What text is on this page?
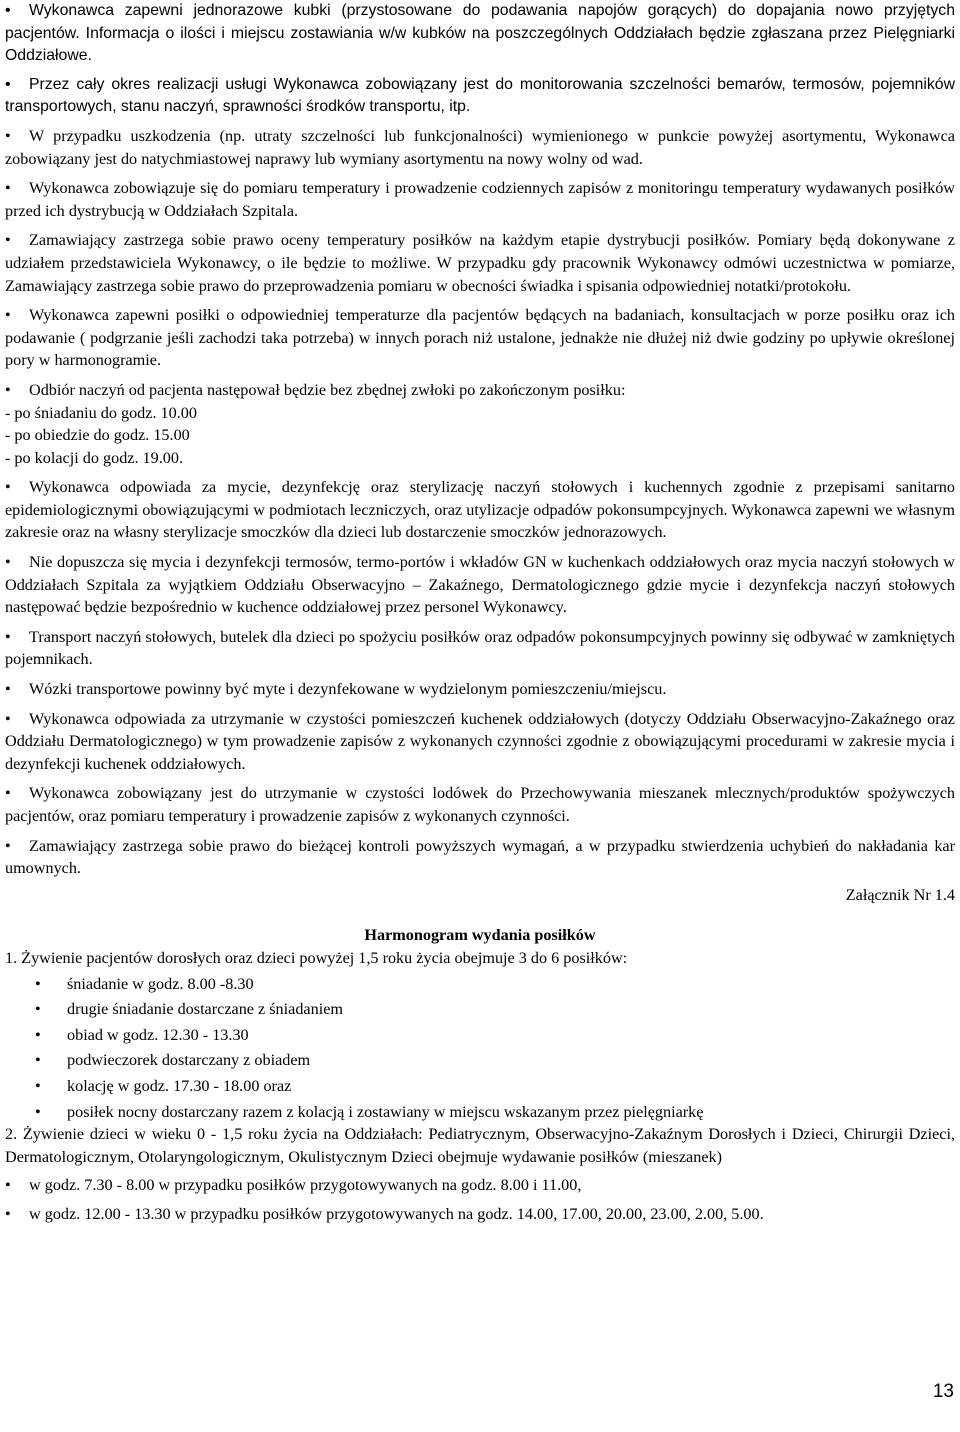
• Wykonawca zapewni jednorazowe kubki (przystosowane do podawania napojów gorących) do dopajania nowo przyjętych pacjentów. Informacja o ilości i miejscu zostawiania w/w kubków na poszczególnych Oddziałach będzie zgłaszana przez Pielęgniarki Oddziałowe.

• Przez cały okres realizacji usługi Wykonawca zobowiązany jest do monitorowania szczelności bemarów, termosów, pojemników transportowych, stanu naczyń, sprawności środków transportu, itp.

• W przypadku uszkodzenia (np. utraty szczelności lub funkcjonalności) wymienionego w punkcie powyżej asortymentu, Wykonawca zobowiązany jest do natychmiastowej naprawy lub wymiany asortymentu na nowy wolny od wad.

• Wykonawca zobowiązuje się do pomiaru temperatury i prowadzenie codziennych zapisów z monitoringu temperatury wydawanych posiłków przed ich dystrybucją w Oddziałach Szpitala.

• Zamawiający zastrzega sobie prawo oceny temperatury posiłków na każdym etapie dystrybucji posiłków. Pomiary będą dokonywane z udziałem przedstawiciela Wykonawcy, o ile będzie to możliwe. W przypadku gdy pracownik Wykonawcy odmówi uczestnictwa w pomiarze, Zamawiający zastrzega sobie prawo do przeprowadzenia pomiaru w obecności świadka i spisania odpowiedniej notatki/protokołu.

• Wykonawca zapewni posiłki o odpowiedniej temperaturze dla pacjentów będących na badaniach, konsultacjach w porze posiłku oraz ich podawanie ( podgrzanie jeśli zachodzi taka potrzeba) w innych porach niż ustalone, jednakże nie dłużej niż dwie godziny po upływie określonej pory w harmonogramie.

• Odbiór naczyń od pacjenta następował będzie bez zbędnej zwłoki po zakończonym posiłku:

- po śniadaniu do godz. 10.00

- po obiedzie do godz. 15.00

- po kolacji do godz. 19.00.

• Wykonawca odpowiada za mycie, dezynfekcję oraz sterylizację naczyń stołowych i kuchennych zgodnie z przepisami sanitarno epidemiologicznymi obowiązującymi w podmiotach leczniczych, oraz utylizacje odpadów pokonsumpcyjnych. Wykonawca zapewni we własnym zakresie oraz na własny sterylizacje smoczków dla dzieci lub dostarczenie smoczków jednorazowych.

• Nie dopuszcza się mycia i dezynfekcji termosów, termo-portów i wkładów GN w kuchenkach oddziałowych oraz mycia naczyń stołowych w Oddziałach Szpitala za wyjątkiem Oddziału Obserwacyjno – Zakaźnego, Dermatologicznego gdzie mycie i dezynfekcja naczyń stołowych następować będzie bezpośrednio w kuchence oddziałowej przez personel Wykonawcy.

• Transport naczyń stołowych, butelek dla dzieci po spożyciu posiłków oraz odpadów pokonsumpcyjnych powinny się odbywać w zamkniętych pojemnikach.

• Wózki transportowe powinny być myte i dezynfekowane w wydzielonym pomieszczeniu/miejscu.

• Wykonawca odpowiada za utrzymanie w czystości pomieszczeń kuchenek oddziałowych (dotyczy Oddziału Obserwacyjno-Zakaźnego oraz Oddziału Dermatologicznego) w tym prowadzenie zapisów z wykonanych czynności zgodnie z obowiązującymi procedurami w zakresie mycia i dezynfekcji kuchenek oddziałowych.

• Wykonawca zobowiązany jest do utrzymanie w czystości lodówek do Przechowywania mieszanek mlecznych/produktów spożywczych pacjentów, oraz pomiaru temperatury i prowadzenie zapisów z wykonanych czynności.

• Zamawiający zastrzega sobie prawo do bieżącej kontroli powyższych wymagań, a w przypadku stwierdzenia uchybień do nakładania kar umownych.

Załącznik Nr 1.4

Harmonogram wydania posiłków

1. Żywienie pacjentów dorosłych oraz dzieci powyżej 1,5 roku życia obejmuje 3 do 6 posiłków:

• śniadanie w godz. 8.00 -8.30
• drugie śniadanie dostarczane z śniadaniem
• obiad w godz. 12.30 - 13.30
• podwieczorek dostarczany z obiadem
• kolację w godz. 17.30 - 18.00 oraz
• posiłek nocny dostarczany razem z kolacją i zostawiany w miejscu wskazanym przez pielęgniarkę

2. Żywienie dzieci w wieku 0 - 1,5 roku życia na Oddziałach: Pediatrycznym, Obserwacyjno-Zakaźnym Dorosłych i Dzieci, Chirurgii Dzieci, Dermatologicznym, Otolaryngologicznym, Okulistycznym Dzieci obejmuje wydawanie posiłków (mieszanek)

• w godz. 7.30 - 8.00 w przypadku posiłków przygotowywanych na godz. 8.00 i 11.00,

• w godz. 12.00 - 13.30 w przypadku posiłków przygotowywanych na godz. 14.00, 17.00, 20.00, 23.00, 2.00, 5.00.

13
